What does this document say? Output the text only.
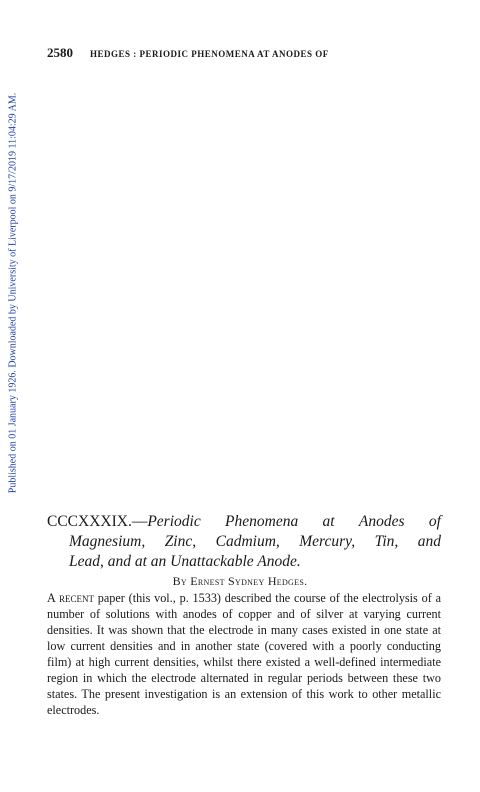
2580 HEDGES : PERIODIC PHENOMENA AT ANODES OF
Published on 01 January 1926. Downloaded by University of Liverpool on 9/17/2019 11:04:29 AM.
CCCXXXIX.—Periodic Phenomena at Anodes of
Magnesium, Zinc, Cadmium, Mercury, Tin, and
Lead, and at an Unattackable Anode.
By Ernest Sydney Hedges.

A recent paper (this vol., p. 1533) described the course of the electrolysis of a number of solutions with anodes of copper and of silver at varying current densities. It was shown that the electrode in many cases existed in one state at low current densities and in another state (covered with a poorly conducting film) at high current densities, whilst there existed a well-defined intermediate region in which the electrode alternated in regular periods between these two states. The present investigation is an extension of this work to other metallic electrodes.
